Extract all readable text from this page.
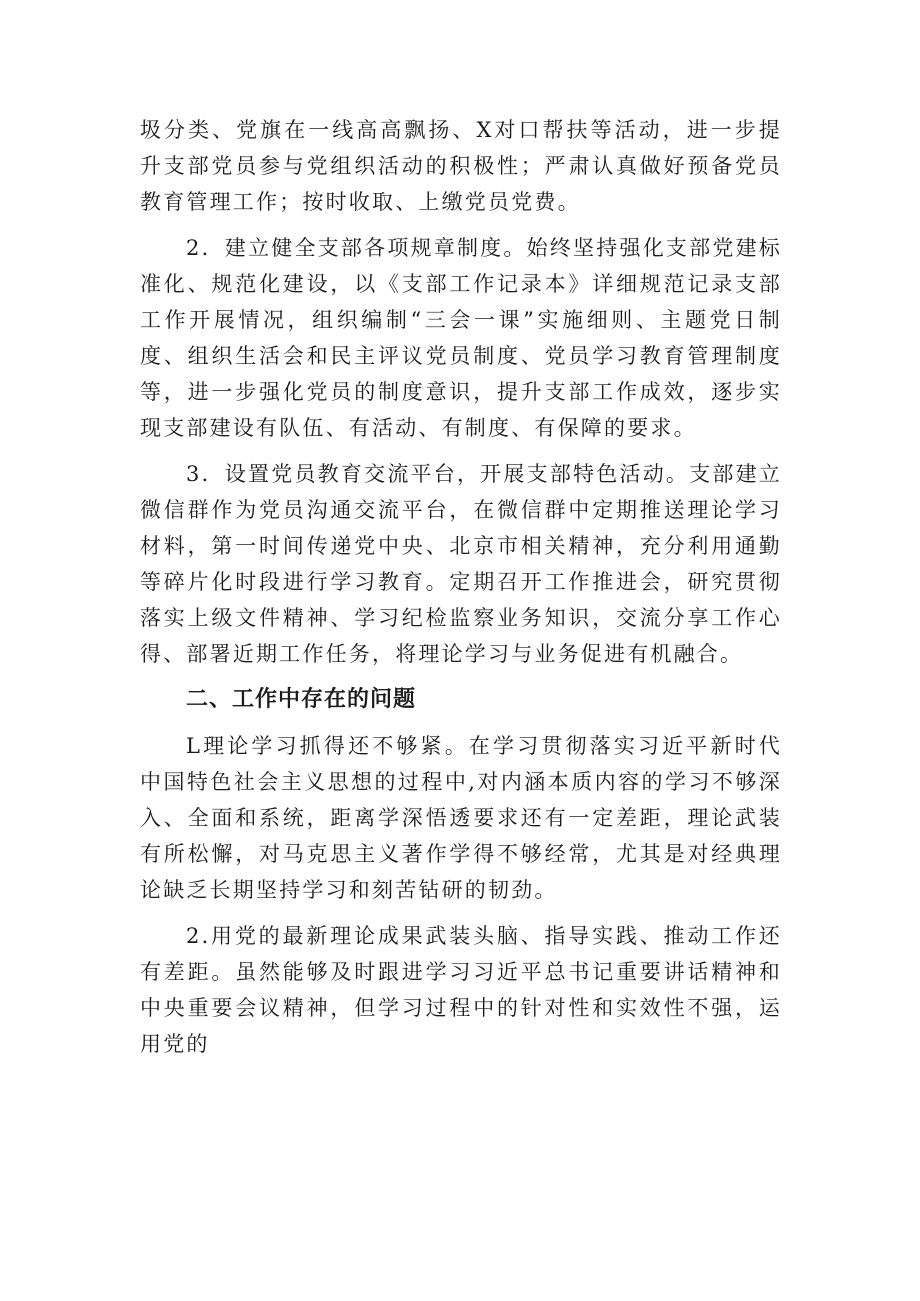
圾分类、党旗在一线高高飘扬、X对口帮扶等活动，进一步提升支部党员参与党组织活动的积极性；严肃认真做好预备党员教育管理工作；按时收取、上缴党员党费。

2．建立健全支部各项规章制度。始终坚持强化支部党建标准化、规范化建设，以《支部工作记录本》详细规范记录支部工作开展情况，组织编制“三会一课”实施细则、主题党日制度、组织生活会和民主评议党员制度、党员学习教育管理制度等，进一步强化党员的制度意识，提升支部工作成效，逐步实现支部建设有队伍、有活动、有制度、有保障的要求。

3．设置党员教育交流平台，开展支部特色活动。支部建立微信群作为党员沟通交流平台，在微信群中定期推送理论学习材料，第一时间传递党中央、北京市相关精神，充分利用通勤等碎片化时段进行学习教育。定期召开工作推进会，研究贯彻落实上级文件精神、学习纪检监察业务知识，交流分享工作心得、部署近期工作任务，将理论学习与业务促进有机融合。

二、工作中存在的问题

L理论学习抓得还不够紧。在学习贯彻落实习近平新时代中国特色社会主义思想的过程中,对内涵本质内容的学习不够深入、全面和系统，距离学深悟透要求还有一定差距，理论武装有所松懈，对马克思主义著作学得不够经常，尤其是对经典理论缺乏长期坚持学习和刻苦钻研的韧劲。

2.用党的最新理论成果武装头脑、指导实践、推动工作还有差距。虽然能够及时跟进学习习近平总书记重要讲话精神和中央重要会议精神，但学习过程中的针对性和实效性不强，运用党的
